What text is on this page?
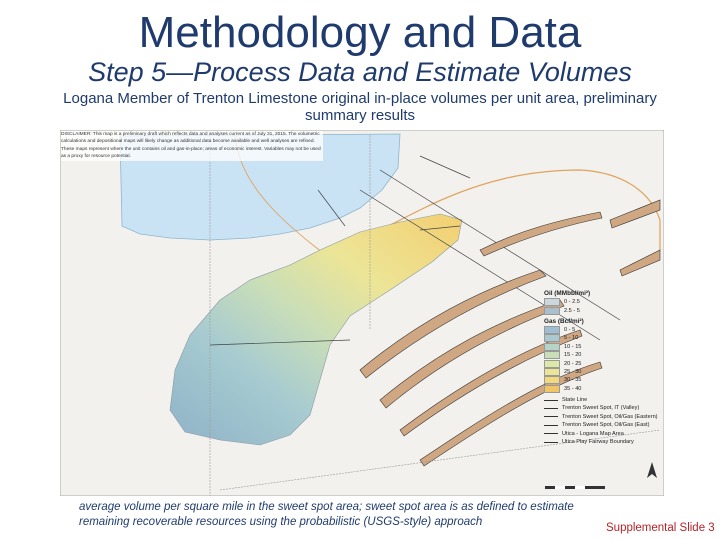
Methodology and Data
Step 5—Process Data and Estimate Volumes
Logana Member of Trenton Limestone original in-place volumes per unit area, preliminary summary results
DISCLAIMER: This map is a preliminary draft which reflects data and analyses current as of July 31, 2015. The volumetric calculations and depositional maps will likely change as additional data become available and well analyses are refined. These maps represent where the unit contains oil and gas-in-place; areas of economic interest. Variables may not be used as a proxy for resource potential.
Oil (MMbbl/mi²)
0 - 2.5
2.5 - 5
Gas (Bcf/mi²)
0 - 5
5 - 10
10 - 15
15 - 20
20 - 25
25 - 30
30 - 35
35 - 40
State Line
Trenton Sweet Spot, IT (Valley)
Trenton Sweet Spot, Oil/Gas (Eastern)
Trenton Sweet Spot, Oil/Gas (East)
Utica - Logana Map Area
Utica Play Fairway Boundary
average volume per square mile in the sweet spot area; sweet spot area is as defined to estimate remaining recoverable resources using the probabilistic (USGS-style) approach	Supplemental Slide 3
